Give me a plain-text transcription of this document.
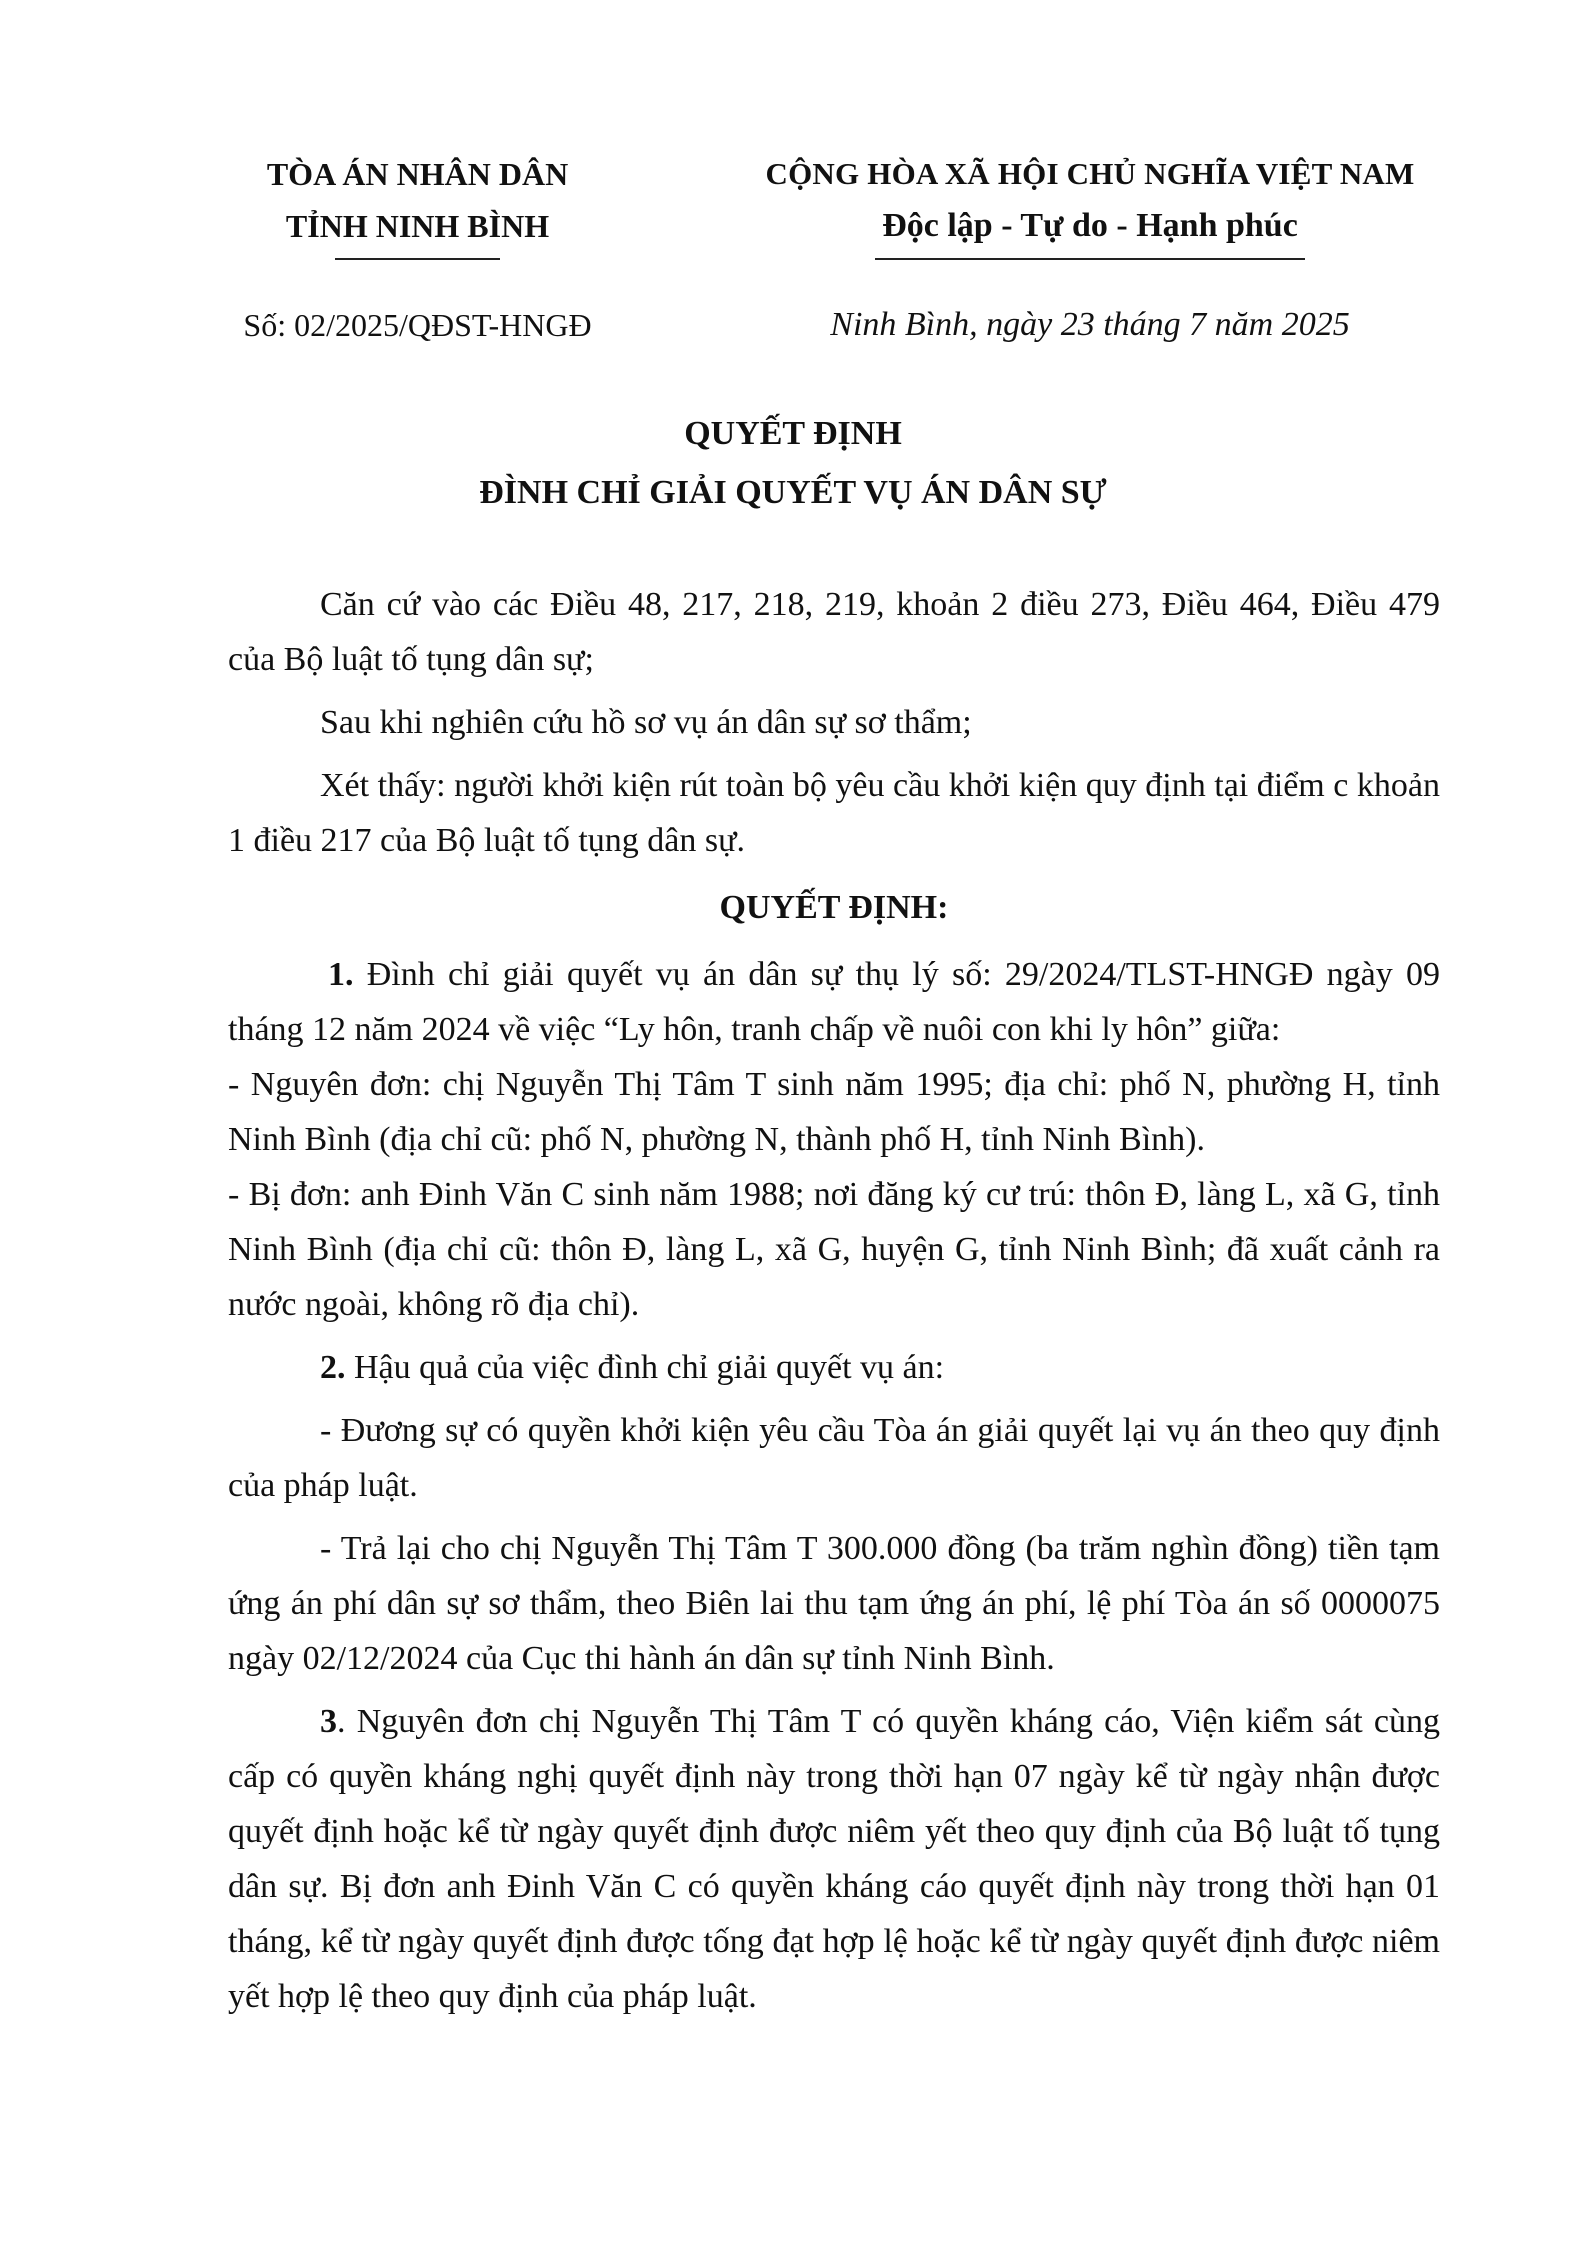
TÒA ÁN NHÂN DÂN
TỈNH NINH BÌNH
Số: 02/2025/QĐST-HNGĐ
CỘNG HÒA XÃ HỘI CHỦ NGHĨA VIỆT NAM
Độc lập - Tự do - Hạnh phúc
Ninh Bình, ngày 23 tháng 7 năm 2025
QUYẾT ĐỊNH
ĐÌNH CHỈ GIẢI QUYẾT VỤ ÁN DÂN SỰ

Căn cứ vào các Điều 48, 217, 218, 219, khoản 2 điều 273, Điều 464, Điều 479 của Bộ luật tố tụng dân sự;

Sau khi nghiên cứu hồ sơ vụ án dân sự sơ thẩm;

Xét thấy: người khởi kiện rút toàn bộ yêu cầu khởi kiện quy định tại điểm c khoản 1 điều 217 của Bộ luật tố tụng dân sự.

QUYẾT ĐỊNH:

1. Đình chỉ giải quyết vụ án dân sự thụ lý số: 29/2024/TLST-HNGĐ ngày 09 tháng 12 năm 2024 về việc “Ly hôn, tranh chấp về nuôi con khi ly hôn” giữa:

- Nguyên đơn: chị Nguyễn Thị Tâm T sinh năm 1995; địa chỉ: phố N, phường H, tỉnh Ninh Bình (địa chỉ cũ: phố N, phường N, thành phố H, tỉnh Ninh Bình).

- Bị đơn: anh Đinh Văn C sinh năm 1988; nơi đăng ký cư trú: thôn Đ, làng L, xã G, tỉnh Ninh Bình (địa chỉ cũ: thôn Đ, làng L, xã G, huyện G, tỉnh Ninh Bình; đã xuất cảnh ra nước ngoài, không rõ địa chỉ).

2. Hậu quả của việc đình chỉ giải quyết vụ án:

- Đương sự có quyền khởi kiện yêu cầu Tòa án giải quyết lại vụ án theo quy định của pháp luật.

- Trả lại cho chị Nguyễn Thị Tâm T 300.000 đồng (ba trăm nghìn đồng) tiền tạm ứng án phí dân sự sơ thẩm, theo Biên lai thu tạm ứng án phí, lệ phí Tòa án số 0000075 ngày 02/12/2024 của Cục thi hành án dân sự tỉnh Ninh Bình.

3. Nguyên đơn chị Nguyễn Thị Tâm T có quyền kháng cáo, Viện kiểm sát cùng cấp có quyền kháng nghị quyết định này trong thời hạn 07 ngày kể từ ngày nhận được quyết định hoặc kể từ ngày quyết định được niêm yết theo quy định của Bộ luật tố tụng dân sự. Bị đơn anh Đinh Văn C có quyền kháng cáo quyết định này trong thời hạn 01 tháng, kể từ ngày quyết định được tống đạt hợp lệ hoặc kể từ ngày quyết định được niêm yết hợp lệ theo quy định của pháp luật.
